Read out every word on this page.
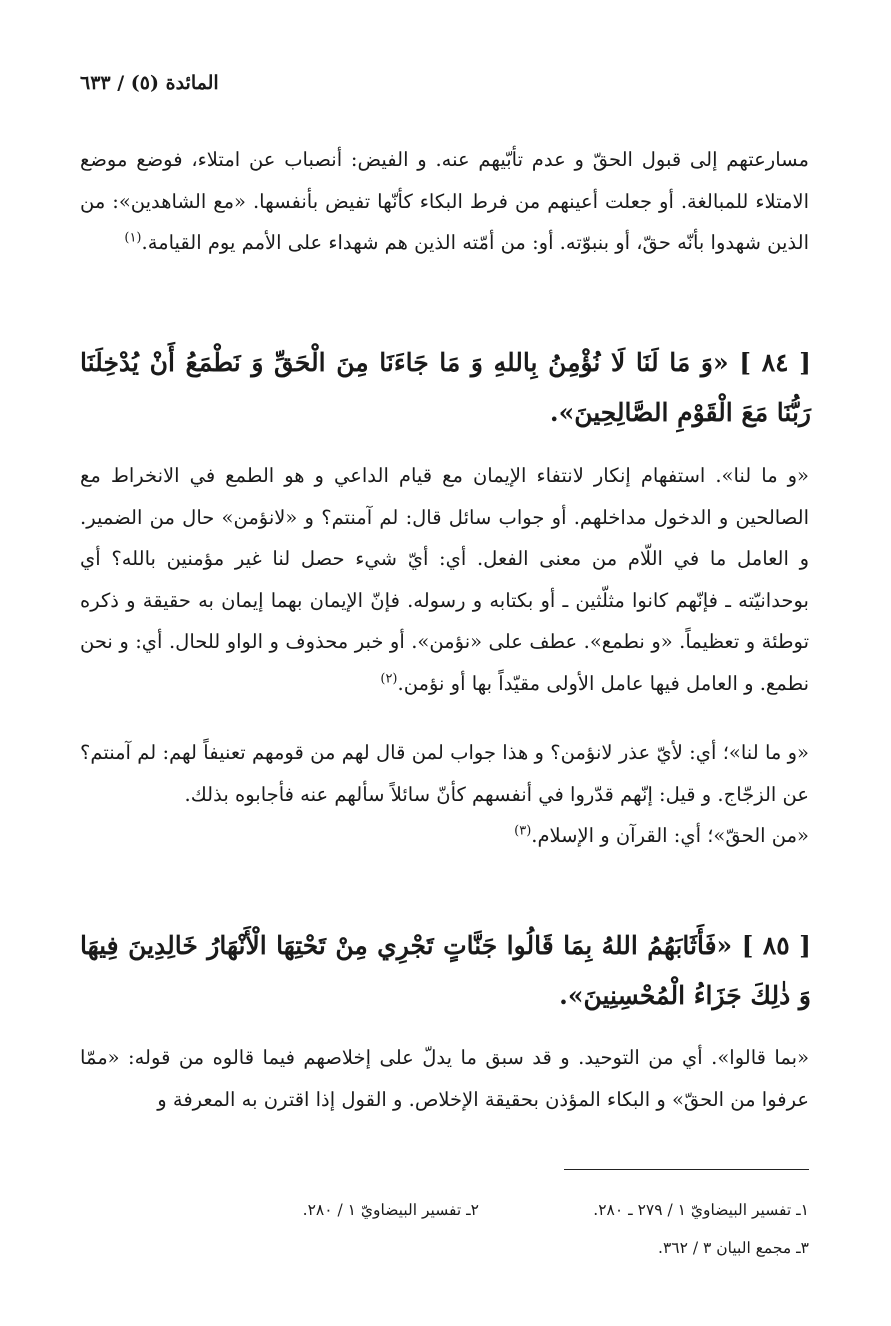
المائدة (٥) / ٦٣٣
مسارعتهم إلى قبول الحقّ و عدم تأبّيهم عنه. و الفيض: أنصباب عن امتلاء، فوضع موضع الامتلاء للمبالغة. أو جعلت أعينهم من فرط البكاء كأنّها تفيض بأنفسها. «مع الشاهدين»: من الذين شهدوا بأنّه حقّ، أو بنبوّته. أو: من أمّته الذين هم شهداء على الأمم يوم القيامة.$^{(١)}$
[ ٨٤ ] «وَ مَا لَنَا لَا نُؤْمِنُ بِاللهِ وَ مَا جَاءَنَا مِنَ الْحَقِّ وَ نَطْمَعُ أَنْ يُدْخِلَنَا رَبُّنَا مَعَ الْقَوْمِ الصَّالِحِينَ».
«و ما لنا». استفهام إنكار لانتفاء الإيمان مع قيام الداعي و هو الطمع في الانخراط مع الصالحين و الدخول مداخلهم. أو جواب سائل قال: لم آمنتم؟ و «لانؤمن» حال من الضمير. و العامل ما في اللّام من معنى الفعل. أي: أيّ شيء حصل لنا غير مؤمنين بالله؟ أي بوحدانيّته ـ فإنّهم كانوا مثلّثين ـ أو بكتابه و رسوله. فإنّ الإيمان بهما إيمان به حقيقة و ذكره توطئة و تعظيماً. «و نطمع». عطف على «نؤمن». أو خبر محذوف و الواو للحال. أي: و نحن نطمع. و العامل فيها عامل الأولى مقيّداً بها أو نؤمن.$^{(٢)}$
«و ما لنا»؛ أي: لأيّ عذر لانؤمن؟ و هذا جواب لمن قال لهم من قومهم تعنيفاً لهم: لم آمنتم؟ عن الزجّاج. و قيل: إنّهم قدّروا في أنفسهم كأنّ سائلاً سألهم عنه فأجابوه بذلك.
«من الحقّ»؛ أي: القرآن و الإسلام.$^{(٣)}$
[ ٨٥ ] «فَأَثَابَهُمُ اللهُ بِمَا قَالُوا جَنَّاتٍ تَجْرِي مِنْ تَحْتِهَا الْأَنْهَارُ خَالِدِينَ فِيهَا وَ ذٰلِكَ جَزَاءُ الْمُحْسِنِينَ».
«بما قالوا». أي من التوحيد. و قد سبق ما يدلّ على إخلاصهم فيما قالوه من قوله: «ممّا عرفوا من الحقّ» و البكاء المؤذن بحقيقة الإخلاص. و القول إذا اقترن به المعرفة و
١ـ تفسير البيضاويّ ١ / ٢٧٩ ـ ٢٨٠.
٢ـ تفسير البيضاويّ ١ / ٢٨٠.
٣ـ مجمع البيان ٣ / ٣٦٢.
